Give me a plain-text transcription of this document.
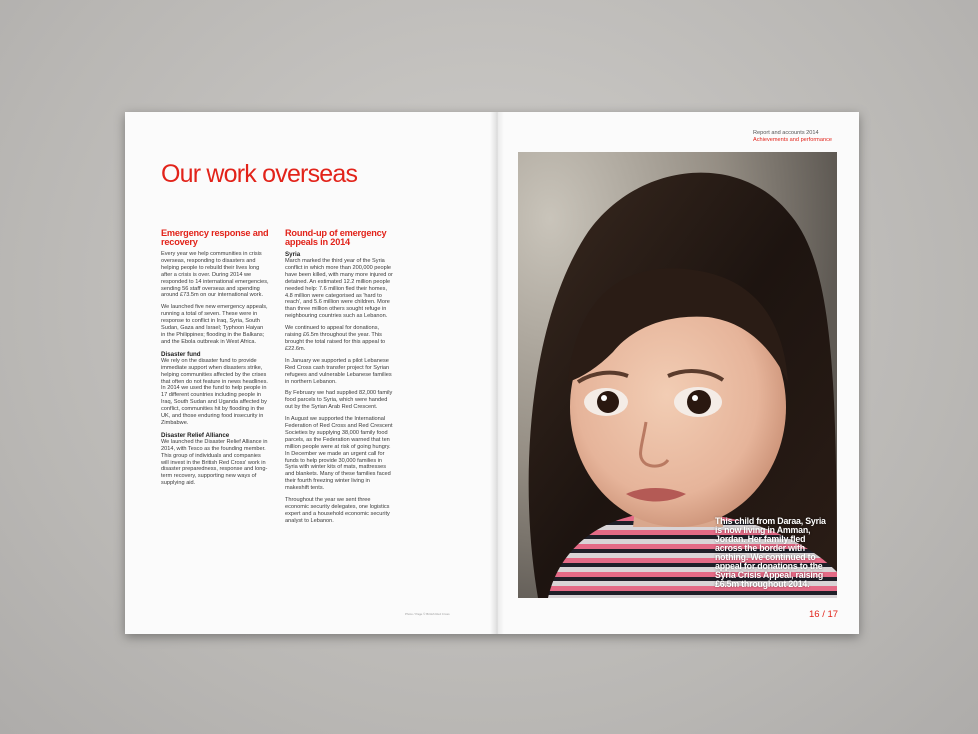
Our work overseas
Emergency response and recovery

Every year we help communities in crisis overseas, responding to disasters and helping people to rebuild their lives long after a crisis is over. During 2014 we responded to 14 international emergencies, sending 56 staff overseas and spending around £73.5m on our international work.

We launched five new emergency appeals, running a total of seven. These were in response to conflict in Iraq, Syria, South Sudan, Gaza and Israel; Typhoon Haiyan in the Philippines; flooding in the Balkans; and the Ebola outbreak in West Africa.

Disaster fund

We rely on the disaster fund to provide immediate support when disasters strike, helping communities affected by the crises that often do not feature in news headlines. In 2014 we used the fund to help people in 17 different countries including people in Iraq, South Sudan and Uganda affected by conflict, communities hit by flooding in the UK, and those enduring food insecurity in Zimbabwe.

Disaster Relief Alliance

We launched the Disaster Relief Alliance in 2014, with Tesco as the founding member. This group of individuals and companies will invest in the British Red Cross' work in disaster preparedness, response and long-term recovery, supporting new ways of supplying aid.

Round-up of emergency appeals in 2014
Syria

March marked the third year of the Syria conflict in which more than 200,000 people have been killed, with many more injured or detained. An estimated 12.2 million people needed help: 7.6 million fled their homes, 4.8 million were categorised as 'hard to reach', and 5.6 million were children. More than three million others sought refuge in neighbouring countries such as Lebanon.

We continued to appeal for donations, raising £6.5m throughout the year. This brought the total raised for this appeal to £22.6m.

In January we supported a pilot Lebanese Red Cross cash transfer project for Syrian refugees and vulnerable Lebanese families in northern Lebanon.

By February we had supplied 82,000 family food parcels to Syria, which were handed out by the Syrian Arab Red Crescent.

In August we supported the International Federation of Red Cross and Red Crescent Societies by supplying 38,000 family food parcels, as the Federation warned that ten million people were at risk of going hungry. In December we made an urgent call for funds to help provide 30,000 families in Syria with winter kits of mats, mattresses and blankets. Many of these families faced their fourth freezing winter living in makeshift tents.

Throughout the year we sent three economic security delegates, one logistics expert and a household economic security analyst to Lebanon.

Photo / Page © British Red Cross
Report and accounts 2014
Achievements and performance
This child from Daraa, Syria is now living in Amman, Jordan. Her family fled across the border with nothing. We continued to appeal for donations to the Syria Crisis Appeal, raising £6.5m throughout 2014.
16 / 17
